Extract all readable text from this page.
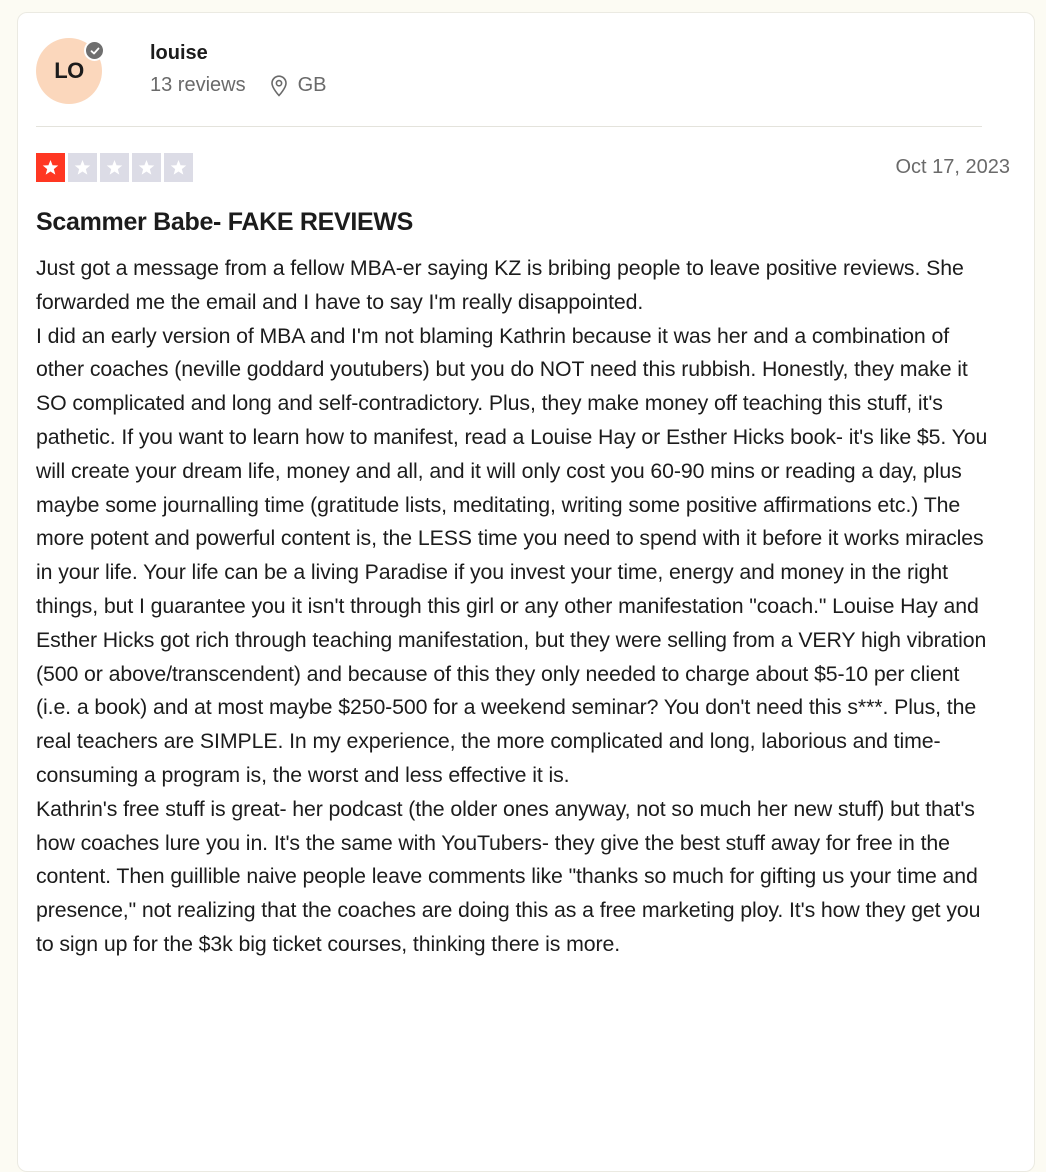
LO
louise
13 reviews	GB
Oct 17, 2023
Scammer Babe- FAKE REVIEWS

Just got a message from a fellow MBA-er saying KZ is bribing people to leave positive reviews. She forwarded me the email and I have to say I'm really disappointed.

I did an early version of MBA and I'm not blaming Kathrin because it was her and a combination of other coaches (neville goddard youtubers) but you do NOT need this rubbish. Honestly, they make it SO complicated and long and self-contradictory. Plus, they make money off teaching this stuff, it's pathetic. If you want to learn how to manifest, read a Louise Hay or Esther Hicks book- it's like $5. You will create your dream life, money and all, and it will only cost you 60-90 mins or reading a day, plus maybe some journalling time (gratitude lists, meditating, writing some positive affirmations etc.) The more potent and powerful content is, the LESS time you need to spend with it before it works miracles in your life. Your life can be a living Paradise if you invest your time, energy and money in the right things, but I guarantee you it isn't through this girl or any other manifestation "coach." Louise Hay and Esther Hicks got rich through teaching manifestation, but they were selling from a VERY high vibration (500 or above/transcendent) and because of this they only needed to charge about $5-10 per client (i.e. a book) and at most maybe $250-500 for a weekend seminar? You don't need this s***. Plus, the real teachers are SIMPLE. In my experience, the more complicated and long, laborious and time-consuming a program is, the worst and less effective it is.

Kathrin's free stuff is great- her podcast (the older ones anyway, not so much her new stuff) but that's how coaches lure you in. It's the same with YouTubers- they give the best stuff away for free in the content. Then guillible naive people leave comments like "thanks so much for gifting us your time and presence," not realizing that the coaches are doing this as a free marketing ploy. It's how they get you to sign up for the $3k big ticket courses, thinking there is more.
